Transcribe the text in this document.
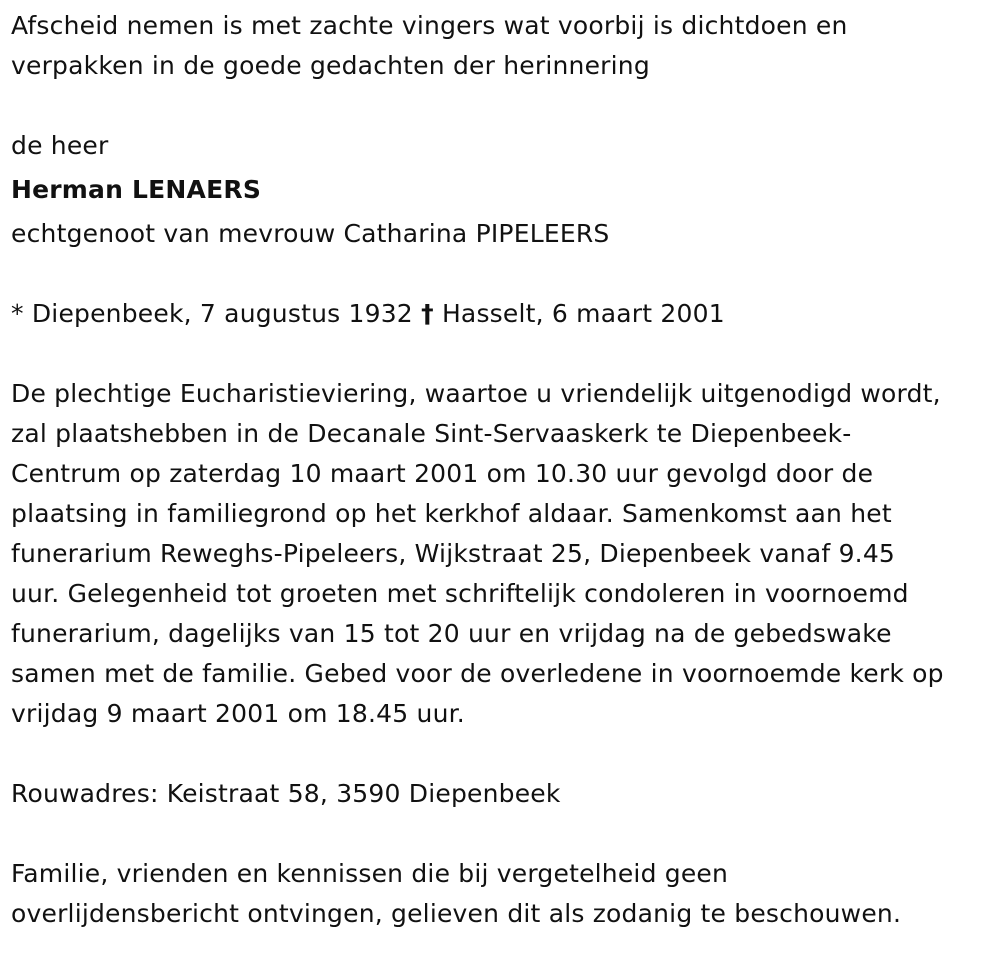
Afscheid nemen is met zachte vingers wat voorbij is dichtdoen en

verpakken in de goede gedachten der herinnering

de heer

Herman LENAERS

echtgenoot van mevrouw Catharina PIPELEERS

* Diepenbeek, 7 augustus 1932 † Hasselt, 6 maart 2001

De plechtige Eucharistieviering, waartoe u vriendelijk uitgenodigd wordt,

zal plaatshebben in de Decanale Sint-Servaaskerk te Diepenbeek-

Centrum op zaterdag 10 maart 2001 om 10.30 uur gevolgd door de

plaatsing in familiegrond op het kerkhof aldaar. Samenkomst aan het

funerarium Reweghs-Pipeleers, Wijkstraat 25, Diepenbeek vanaf 9.45

uur. Gelegenheid tot groeten met schriftelijk condoleren in voornoemd

funerarium, dagelijks van 15 tot 20 uur en vrijdag na de gebedswake

samen met de familie. Gebed voor de overledene in voornoemde kerk op

vrijdag 9 maart 2001 om 18.45 uur.

Rouwadres: Keistraat 58, 3590 Diepenbeek

Familie, vrienden en kennissen die bij vergetelheid geen

overlijdensbericht ontvingen, gelieven dit als zodanig te beschouwen.
